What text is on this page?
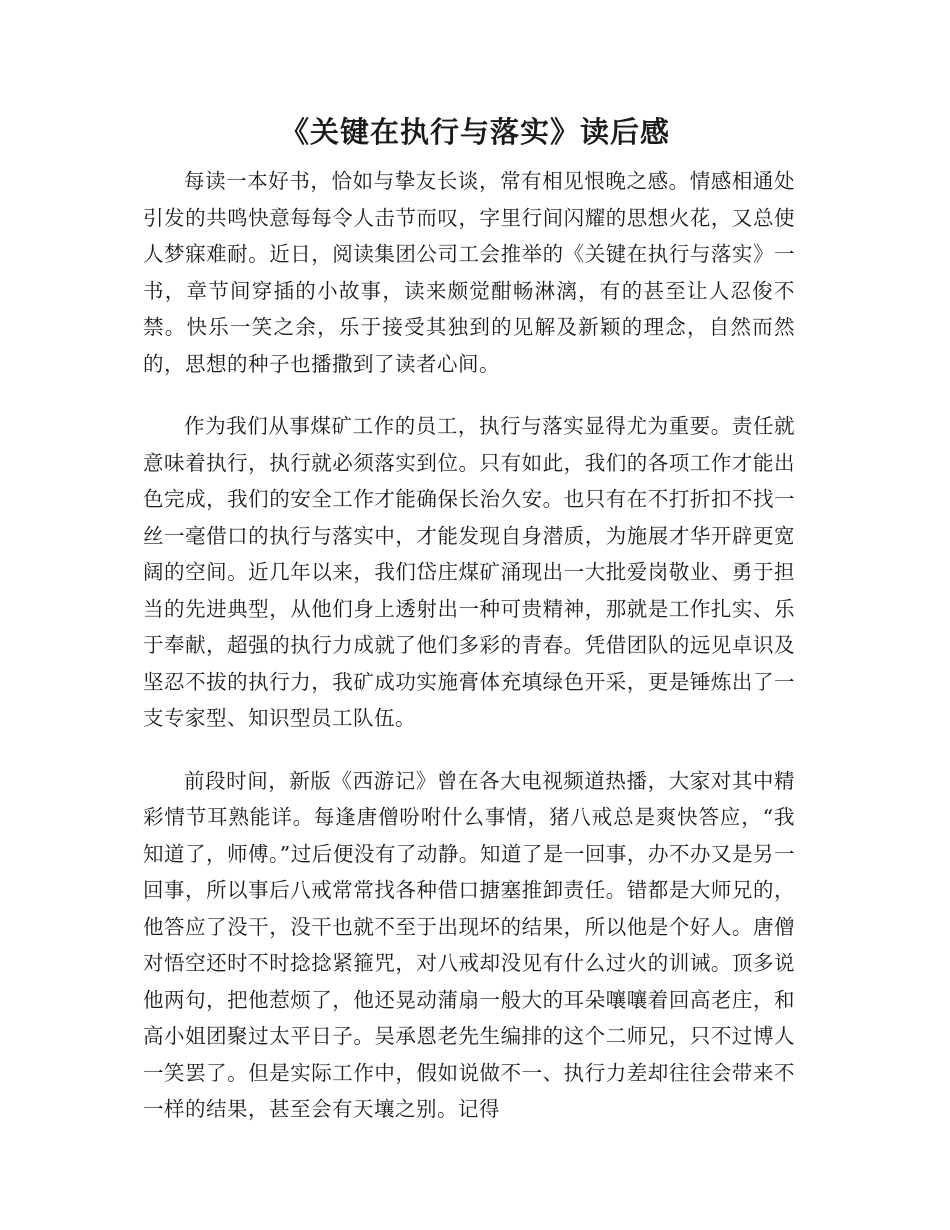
《关键在执行与落实》读后感

每读一本好书，恰如与挚友长谈，常有相见恨晚之感。情感相通处引发的共鸣快意每每令人击节而叹，字里行间闪耀的思想火花，又总使人梦寐难耐。近日，阅读集团公司工会推举的《关键在执行与落实》一书，章节间穿插的小故事，读来颇觉酣畅淋漓，有的甚至让人忍俊不禁。快乐一笑之余，乐于接受其独到的见解及新颖的理念，自然而然的，思想的种子也播撒到了读者心间。

作为我们从事煤矿工作的员工，执行与落实显得尤为重要。责任就意味着执行，执行就必须落实到位。只有如此，我们的各项工作才能出色完成，我们的安全工作才能确保长治久安。也只有在不打折扣不找一丝一毫借口的执行与落实中，才能发现自身潜质，为施展才华开辟更宽阔的空间。近几年以来，我们岱庄煤矿涌现出一大批爱岗敬业、勇于担当的先进典型，从他们身上透射出一种可贵精神，那就是工作扎实、乐于奉献，超强的执行力成就了他们多彩的青春。凭借团队的远见卓识及坚忍不拔的执行力，我矿成功实施膏体充填绿色开采，更是锤炼出了一支专家型、知识型员工队伍。

前段时间，新版《西游记》曾在各大电视频道热播，大家对其中精彩情节耳熟能详。每逢唐僧吩咐什么事情，猪八戒总是爽快答应，“我知道了，师傅。”过后便没有了动静。知道了是一回事，办不办又是另一回事，所以事后八戒常常找各种借口搪塞推卸责任。错都是大师兄的，他答应了没干，没干也就不至于出现坏的结果，所以他是个好人。唐僧对悟空还时不时捻捻紧箍咒，对八戒却没见有什么过火的训诫。顶多说他两句，把他惹烦了，他还晃动蒲扇一般大的耳朵嚷嚷着回高老庄，和高小姐团聚过太平日子。吴承恩老先生编排的这个二师兄，只不过博人一笑罢了。但是实际工作中，假如说做不一、执行力差却往往会带来不一样的结果，甚至会有天壤之别。记得
